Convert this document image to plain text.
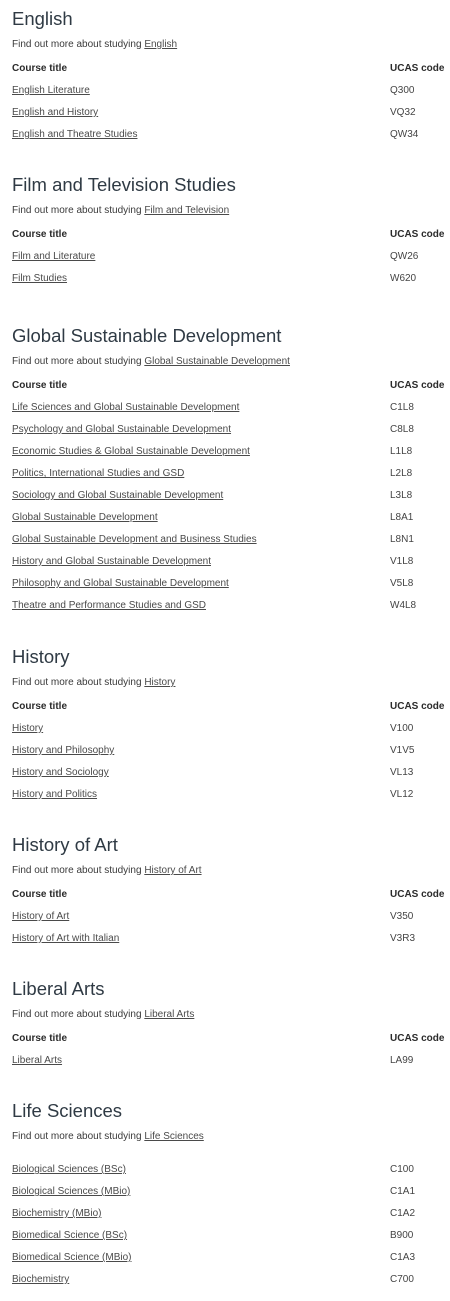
English
Find out more about studying English
Course title	UCAS code
English Literature	Q300
English and History	VQ32
English and Theatre Studies	QW34
Film and Television Studies
Find out more about studying Film and Television
Course title	UCAS code
Film and Literature	QW26
Film Studies	W620
Global Sustainable Development
Find out more about studying Global Sustainable Development
Course title	UCAS code
Life Sciences and Global Sustainable Development	C1L8
Psychology and Global Sustainable Development	C8L8
Economic Studies & Global Sustainable Development	L1L8
Politics, International Studies and GSD	L2L8
Sociology and Global Sustainable Development	L3L8
Global Sustainable Development	L8A1
Global Sustainable Development and Business Studies	L8N1
History and Global Sustainable Development	V1L8
Philosophy and Global Sustainable Development	V5L8
Theatre and Performance Studies and GSD	W4L8
History
Find out more about studying History
Course title	UCAS code
History	V100
History and Philosophy	V1V5
History and Sociology	VL13
History and Politics	VL12
History of Art
Find out more about studying History of Art
Course title	UCAS code
History of Art	V350
History of Art with Italian	V3R3
Liberal Arts
Find out more about studying Liberal Arts
Course title	UCAS code
Liberal Arts	LA99
Life Sciences
Find out more about studying Life Sciences
Biological Sciences (BSc)	C100
Biological Sciences (MBio)	C1A1
Biochemistry (MBio)	C1A2
Biomedical Science (BSc)	B900
Biomedical Science (MBio)	C1A3
Biochemistry	C700
